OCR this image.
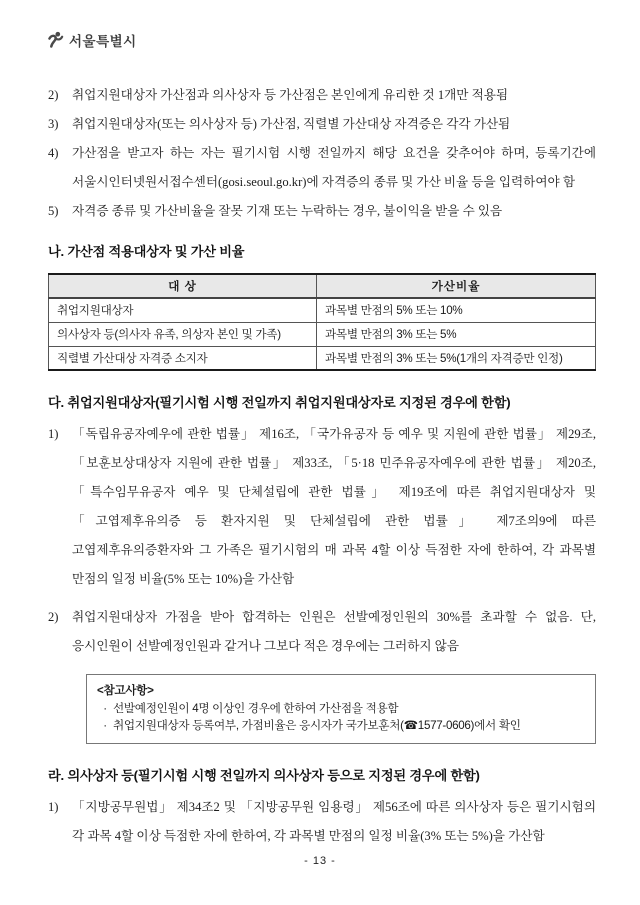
서울특별시
2)	취업지원대상자 가산점과 의사상자 등 가산점은 본인에게 유리한 것 1개만 적용됨
3)	취업지원대상자(또는 의사상자 등) 가산점, 직렬별 가산대상 자격증은 각각 가산됨
4)	가산점을 받고자 하는 자는 필기시험 시행 전일까지 해당 요건을 갖추어야 하며, 등록기간에 서울시인터넷원서접수센터(gosi.seoul.go.kr)에 자격증의 종류 및 가산 비율 등을 입력하여야 함
5)	자격증 종류 및 가산비율을 잘못 기재 또는 누락하는 경우, 불이익을 받을 수 있음
나. 가산점 적용대상자 및 가산 비율
대 상	가산비율
취업지원대상자	과목별 만점의 5% 또는 10%
의사상자 등(의사자 유족, 의상자 본인 및 가족)	과목별 만점의 3% 또는 5%
직렬별 가산대상 자격증 소지자	과목별 만점의 3% 또는 5%(1개의 자격증만 인정)
다. 취업지원대상자(필기시험 시행 전일까지 취업지원대상자로 지정된 경우에 한함)
1)	「독립유공자예우에 관한 법률」 제16조, 「국가유공자 등 예우 및 지원에 관한 법률」 제29조, 「보훈보상대상자 지원에 관한 법률」 제33조, 「5·18 민주유공자예우에 관한 법률」 제20조, 「특수임무유공자 예우 및 단체설립에 관한 법률」 제19조에 따른 취업지원대상자 및 「고엽제후유의증 등 환자지원 및 단체설립에 관한 법률」 제7조의9에 따른 고엽제후유의증환자와 그 가족은 필기시험의 매 과목 4할 이상 득점한 자에 한하여, 각 과목별 만점의 일정 비율(5% 또는 10%)을 가산함
2)	취업지원대상자 가점을 받아 합격하는 인원은 선발예정인원의 30%를 초과할 수 없음. 단, 응시인원이 선발예정인원과 같거나 그보다 적은 경우에는 그러하지 않음
<참고사항>
· 선발예정인원이 4명 이상인 경우에 한하여 가산점을 적용함
· 취업지원대상자 등록여부, 가점비율은 응시자가 국가보훈처(☎1577-0606)에서 확인
라. 의사상자 등(필기시험 시행 전일까지 의사상자 등으로 지정된 경우에 한함)
1)	「지방공무원법」 제34조2 및 「지방공무원 임용령」 제56조에 따른 의사상자 등은 필기시험의 각 과목 4할 이상 득점한 자에 한하여, 각 과목별 만점의 일정 비율(3% 또는 5%)을 가산함
- 13 -
